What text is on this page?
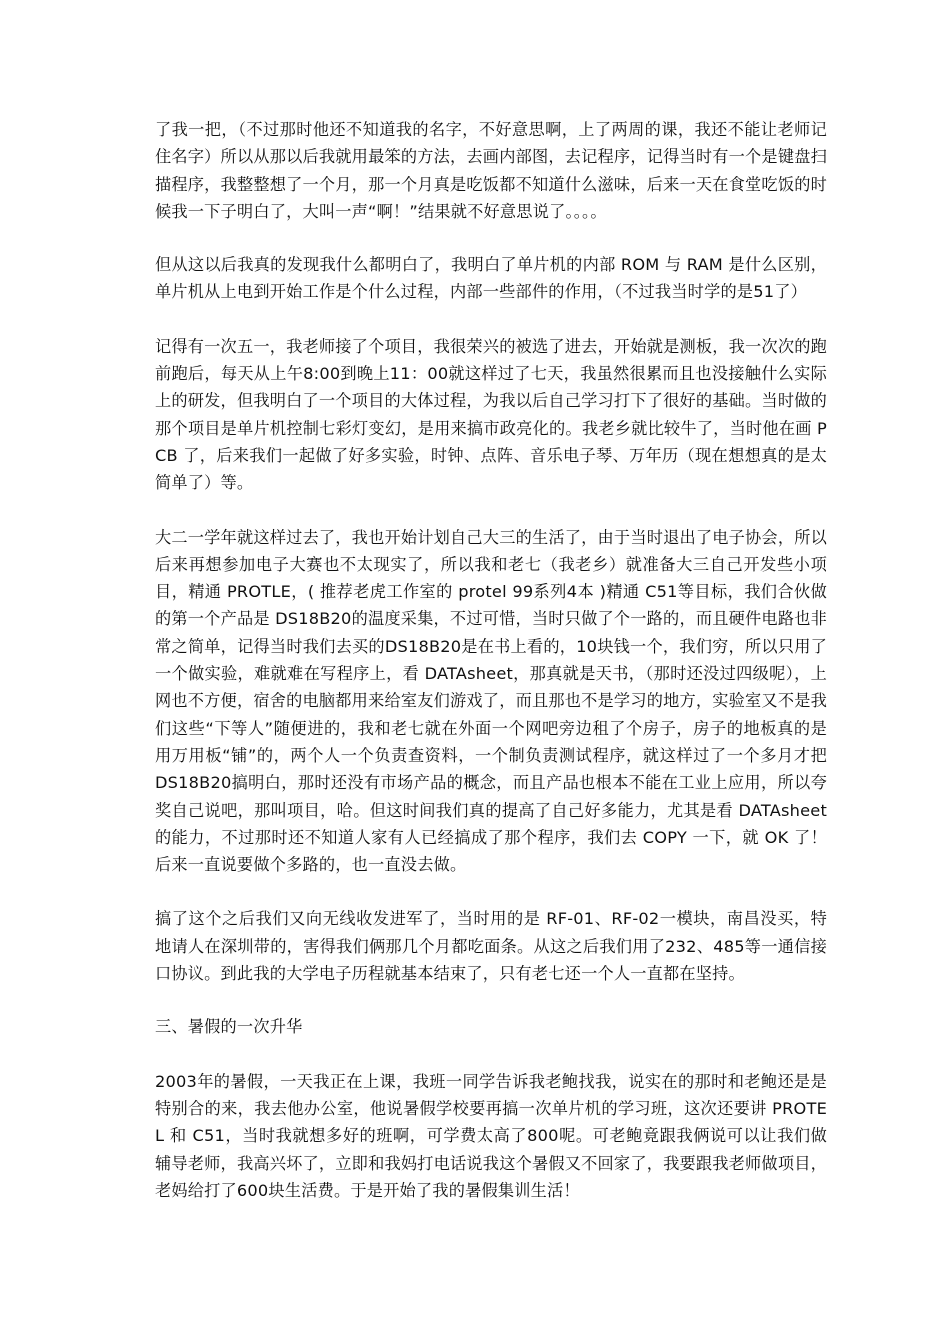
了我一把，（不过那时他还不知道我的名字，不好意思啊，上了两周的课，我还不能让老师记住名字）所以从那以后我就用最笨的方法，去画内部图，去记程序，记得当时有一个是键盘扫描程序，我整整想了一个月，那一个月真是吃饭都不知道什么滋味，后来一天在食堂吃饭的时候我一下子明白了，大叫一声“啊！”结果就不好意思说了。。。。

但从这以后我真的发现我什么都明白了，我明白了单片机的内部 ROM 与 RAM 是什么区别，单片机从上电到开始工作是个什么过程，内部一些部件的作用，（不过我当时学的是51了）

记得有一次五一，我老师接了个项目，我很荣兴的被选了进去，开始就是测板，我一次次的跑前跑后，每天从上午8:00到晚上11：00就这样过了七天，我虽然很累而且也没接触什么实际上的研发，但我明白了一个项目的大体过程，为我以后自己学习打下了很好的基础。当时做的那个项目是单片机控制七彩灯变幻，是用来搞市政亮化的。我老乡就比较牛了，当时他在画 PCB 了，后来我们一起做了好多实验，时钟、点阵、音乐电子琴、万年历（现在想想真的是太简单了）等。

大二一学年就这样过去了，我也开始计划自己大三的生活了，由于当时退出了电子协会，所以后来再想参加电子大赛也不太现实了，所以我和老七（我老乡）就准备大三自己开发些小项目，精通 PROTLE，( 推荐老虎工作室的 protel 99系列4本 )精通 C51等目标，我们合伙做的第一个产品是 DS18B20的温度采集，不过可惜，当时只做了个一路的，而且硬件电路也非常之简单，记得当时我们去买的DS18B20是在书上看的，10块钱一个，我们穷，所以只用了一个做实验，难就难在写程序上，看 DATAsheet，那真就是天书，（那时还没过四级呢），上网也不方便，宿舍的电脑都用来给室友们游戏了，而且那也不是学习的地方，实验室又不是我们这些“下等人”随便进的，我和老七就在外面一个网吧旁边租了个房子，房子的地板真的是用万用板“铺”的，两个人一个负责查资料，一个制负责测试程序，就这样过了一个多月才把 DS18B20搞明白，那时还没有市场产品的概念，而且产品也根本不能在工业上应用，所以夸奖自己说吧，那叫项目，哈。但这时间我们真的提高了自己好多能力，尤其是看 DATAsheet 的能力，不过那时还不知道人家有人已经搞成了那个程序，我们去 COPY 一下，就 OK 了！后来一直说要做个多路的，也一直没去做。

搞了这个之后我们又向无线收发进军了，当时用的是 RF-01、RF-02一模块，南昌没买，特地请人在深圳带的，害得我们俩那几个月都吃面条。从这之后我们用了232、485等一通信接口协议。到此我的大学电子历程就基本结束了，只有老七还一个人一直都在坚持。

三、暑假的一次升华

2003年的暑假，一天我正在上课，我班一同学告诉我老鲍找我，说实在的那时和老鲍还是是特别合的来，我去他办公室，他说暑假学校要再搞一次单片机的学习班，这次还要讲 PROTEL 和 C51，当时我就想多好的班啊，可学费太高了800呢。可老鲍竟跟我俩说可以让我们做辅导老师，我高兴坏了，立即和我妈打电话说我这个暑假又不回家了，我要跟我老师做项目，老妈给打了600块生活费。于是开始了我的暑假集训生活！
